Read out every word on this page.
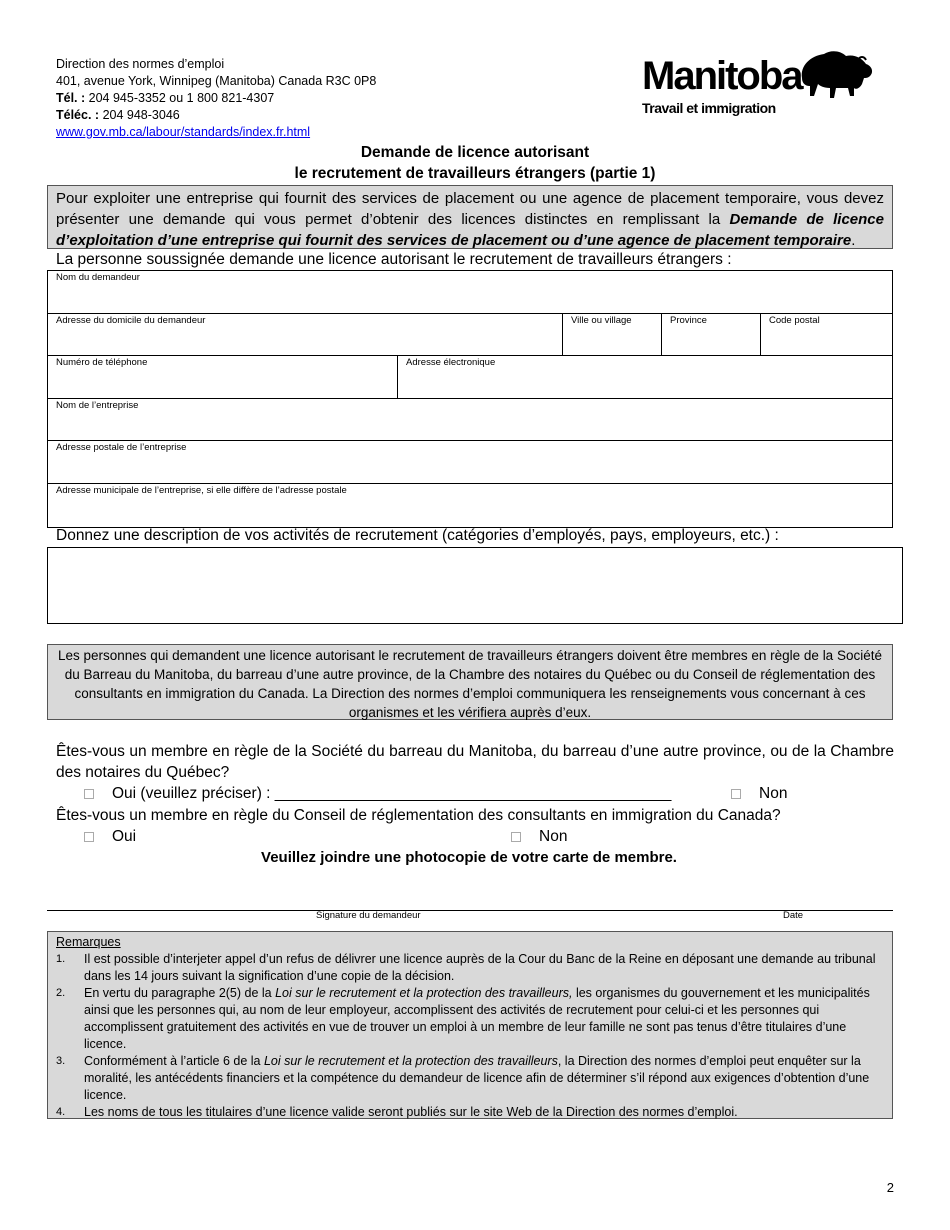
Direction des normes d’emploi
401, avenue York, Winnipeg (Manitoba) Canada R3C 0P8
Tél. : 204 945-3352 ou 1 800 821-4307
Téléc. : 204 948-3046
www.gov.mb.ca/labour/standards/index.fr.html
Manitoba
Travail et immigration
Demande de licence autorisant
le recrutement de travailleurs étrangers (partie 1)
Pour exploiter une entreprise qui fournit des services de placement ou une agence de placement temporaire, vous devez présenter une demande qui vous permet d’obtenir des licences distinctes en remplissant la Demande de licence d’exploitation d’une entreprise qui fournit des services de placement ou d’une agence de placement temporaire.
La personne soussignée demande une licence autorisant le recrutement de travailleurs étrangers :
Nom du demandeur
Adresse du domicile du demandeur	Ville ou village	Province	Code postal
Numéro de téléphone	Adresse électronique
Nom de l’entreprise
Adresse postale de l’entreprise
Adresse municipale de l’entreprise, si elle diffère de l’adresse postale
Donnez une description de vos activités de recrutement (catégories d’employés, pays, employeurs, etc.) :
Les personnes qui demandent une licence autorisant le recrutement de travailleurs étrangers doivent être membres en règle de la Société du Barreau du Manitoba, du barreau d’une autre province, de la Chambre des notaires du Québec ou du Conseil de réglementation des consultants en immigration du Canada. La Direction des normes d’emploi communiquera les renseignements vous concernant à ces organismes et les vérifiera auprès d’eux.
Êtes-vous un membre en règle de la Société du barreau du Manitoba, du barreau d’une autre province, ou de la Chambre des notaires du Québec?
Oui (veuillez préciser) : ______________________________________________	Non
Êtes-vous un membre en règle du Conseil de réglementation des consultants en immigration du Canada?
Oui	Non
Veuillez joindre une photocopie de votre carte de membre.
Signature du demandeur	Date
Remarques
1.	Il est possible d’interjeter appel d’un refus de délivrer une licence auprès de la Cour du Banc de la Reine en déposant une demande au tribunal dans les 14 jours suivant la signification d’une copie de la décision.
2.	En vertu du paragraphe 2(5) de la Loi sur le recrutement et la protection des travailleurs, les organismes du gouvernement et les municipalités ainsi que les personnes qui, au nom de leur employeur, accomplissent des activités de recrutement pour celui-ci et les personnes qui accomplissent gratuitement des activités en vue de trouver un emploi à un membre de leur famille ne sont pas tenus d’être titulaires d’une licence.
3.	Conformément à l’article 6 de la Loi sur le recrutement et la protection des travailleurs, la Direction des normes d’emploi peut enquêter sur la moralité, les antécédents financiers et la compétence du demandeur de licence afin de déterminer s’il répond aux exigences d’obtention d’une licence.
4.	Les noms de tous les titulaires d’une licence valide seront publiés sur le site Web de la Direction des normes d’emploi.
2
